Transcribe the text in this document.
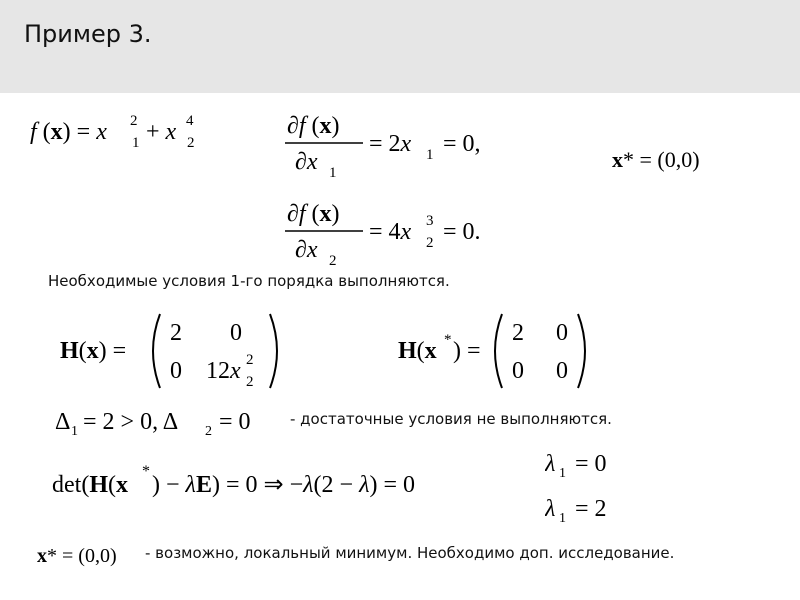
Пример 3.
f (x) = x 1
2 + x 2
4	∂f (x)
∂x 1
= 2x 1 = 0,
x* = (0,0)
∂f (x)
∂x 2
= 4x 2
3 = 0.
Необходимые условия 1-го порядка выполняются.
H(x) =
2 0
0 12x 2
2	H(x * ) =
2 0
0 0
Δ 1 = 2 > 0, Δ 2 = 0	- достаточные условия не выполняются.
det(H(x
*
) − λE) = 0 ⇒ −λ(2 − λ) = 0
λ 1 = 0
λ 1 = 2
x* = (0,0) - возможно, локальный минимум. Необходимо доп. исследование.
